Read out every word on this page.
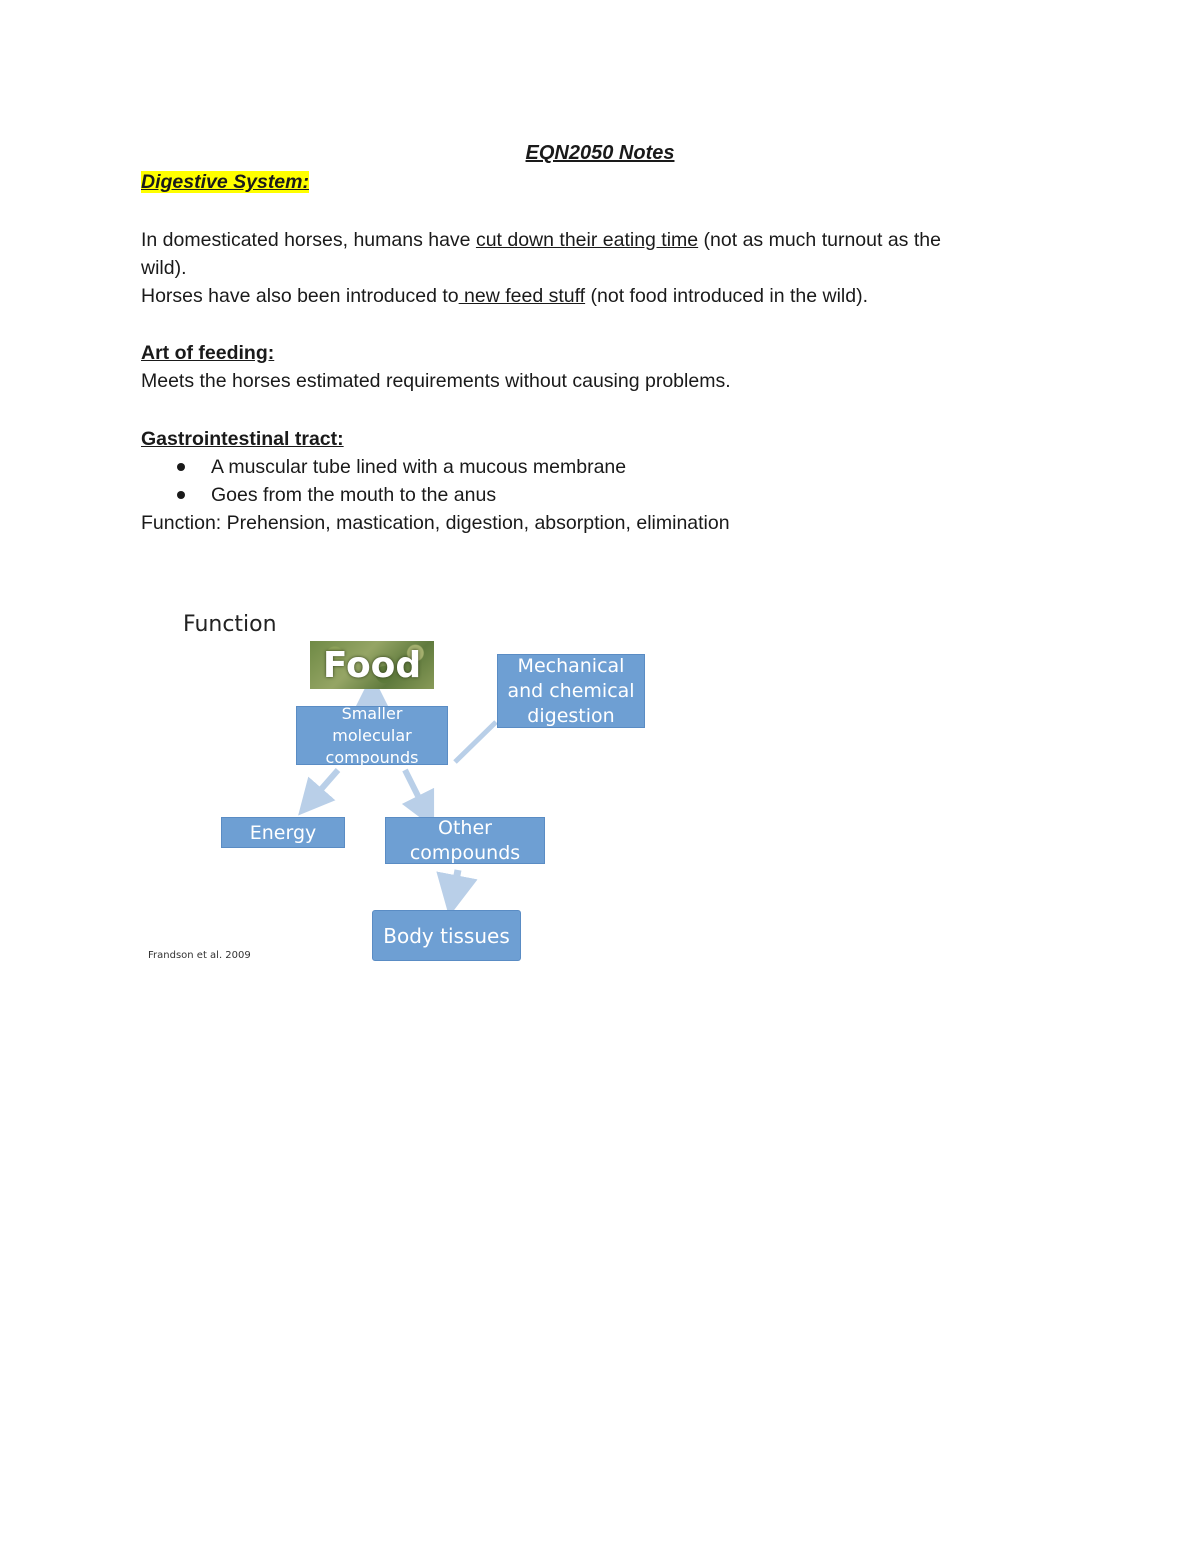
EQN2050 Notes
Digestive System:
In domesticated horses, humans have cut down their eating time (not as much turnout as the
wild).
Horses have also been introduced to new feed stuff (not food introduced in the wild).
Art of feeding:
Meets the horses estimated requirements without causing problems.
Gastrointestinal tract:
A muscular tube lined with a mucous membrane
Goes from the mouth to the anus
Function: Prehension, mastication, digestion, absorption, elimination
Function
Food
Smaller molecular compounds
Mechanical and chemical digestion
Energy	Other compounds
Body tissues
Frandson et al. 2009
